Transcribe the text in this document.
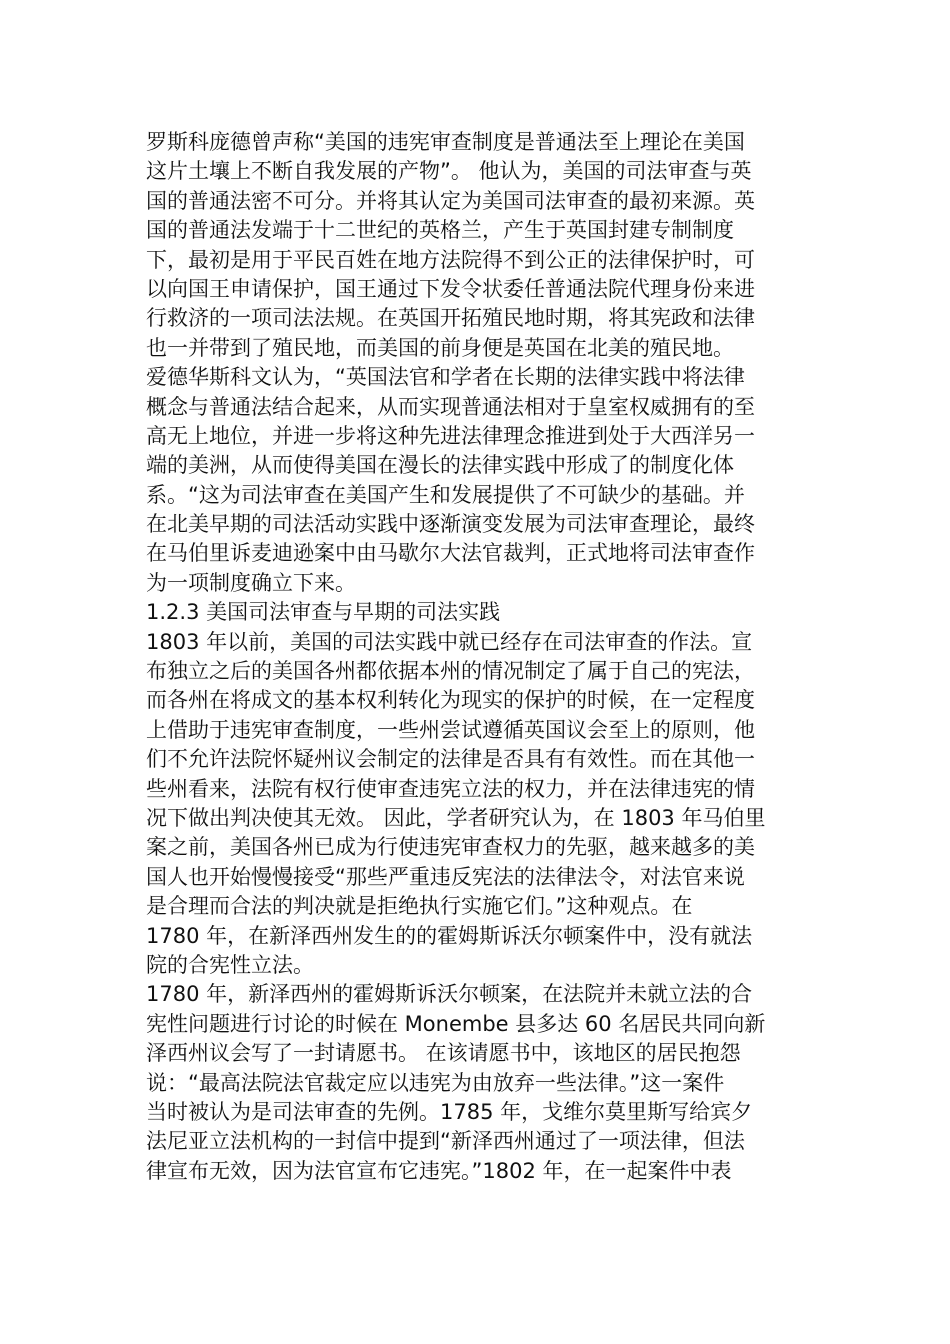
罗斯科庞德曾声称“美国的违宪审查制度是普通法至上理论在美国
这片土壤上不断自我发展的产物”。 他认为，美国的司法审查与英
国的普通法密不可分。并将其认定为美国司法审查的最初来源。英
国的普通法发端于十二世纪的英格兰，产生于英国封建专制制度
下，最初是用于平民百姓在地方法院得不到公正的法律保护时，可
以向国王申请保护，国王通过下发令状委任普通法院代理身份来进
行救济的一项司法法规。在英国开拓殖民地时期，将其宪政和法律
也一并带到了殖民地，而美国的前身便是英国在北美的殖民地。
爱德华斯科文认为，“英国法官和学者在长期的法律实践中将法律
概念与普通法结合起来，从而实现普通法相对于皇室权威拥有的至
高无上地位，并进一步将这种先进法律理念推进到处于大西洋另一
端的美洲，从而使得美国在漫长的法律实践中形成了的制度化体
系。“这为司法审查在美国产生和发展提供了不可缺少的基础。并
在北美早期的司法活动实践中逐渐演变发展为司法审查理论，最终
在马伯里诉麦迪逊案中由马歇尔大法官裁判，正式地将司法审查作
为一项制度确立下来。
1.2.3 美国司法审查与早期的司法实践
1803 年以前，美国的司法实践中就已经存在司法审查的作法。宣
布独立之后的美国各州都依据本州的情况制定了属于自己的宪法，
而各州在将成文的基本权利转化为现实的保护的时候，在一定程度
上借助于违宪审查制度，一些州尝试遵循英国议会至上的原则，他
们不允许法院怀疑州议会制定的法律是否具有有效性。而在其他一
些州看来，法院有权行使审查违宪立法的权力，并在法律违宪的情
况下做出判决使其无效。 因此，学者研究认为，在 1803 年马伯里
案之前，美国各州已成为行使违宪审查权力的先驱，越来越多的美
国人也开始慢慢接受“那些严重违反宪法的法律法令，对法官来说
是合理而合法的判决就是拒绝执行实施它们。”这种观点。在
1780 年，在新泽西州发生的的霍姆斯诉沃尔顿案件中，没有就法
院的合宪性立法。
1780 年，新泽西州的霍姆斯诉沃尔顿案，在法院并未就立法的合
宪性问题进行讨论的时候在 Monembe 县多达 60 名居民共同向新
泽西州议会写了一封请愿书。 在该请愿书中，该地区的居民抱怨
说：“最高法院法官裁定应以违宪为由放弃一些法律。”这一案件
当时被认为是司法审查的先例。1785 年，戈维尔莫里斯写给宾夕
法尼亚立法机构的一封信中提到“新泽西州通过了一项法律，但法
律宣布无效，因为法官宣布它违宪。”1802 年，在一起案件中表
